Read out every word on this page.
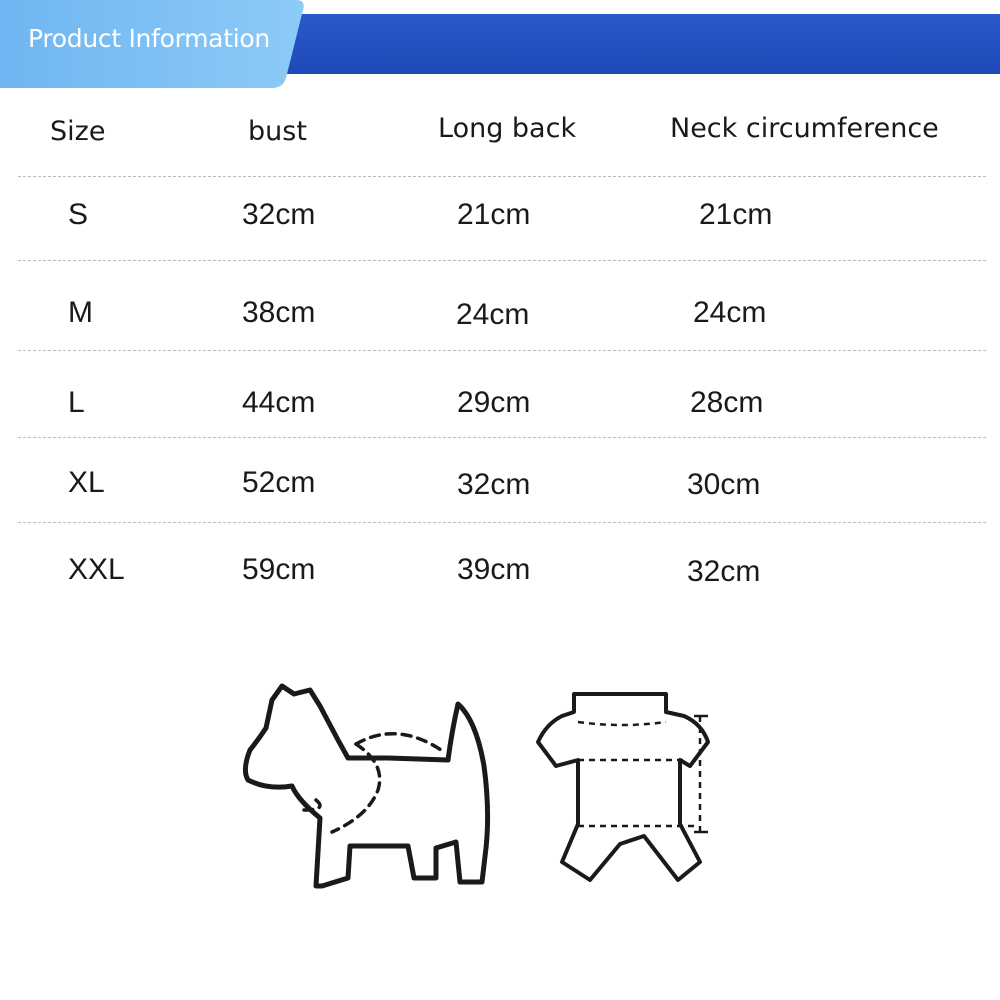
Product Information
Size	bust	Long back	Neck circumference
S	32cm	21cm	21cm
M	38cm	24cm	24cm
L	44cm	29cm	28cm
XL	52cm	32cm	30cm
XXL	59cm	39cm	32cm
